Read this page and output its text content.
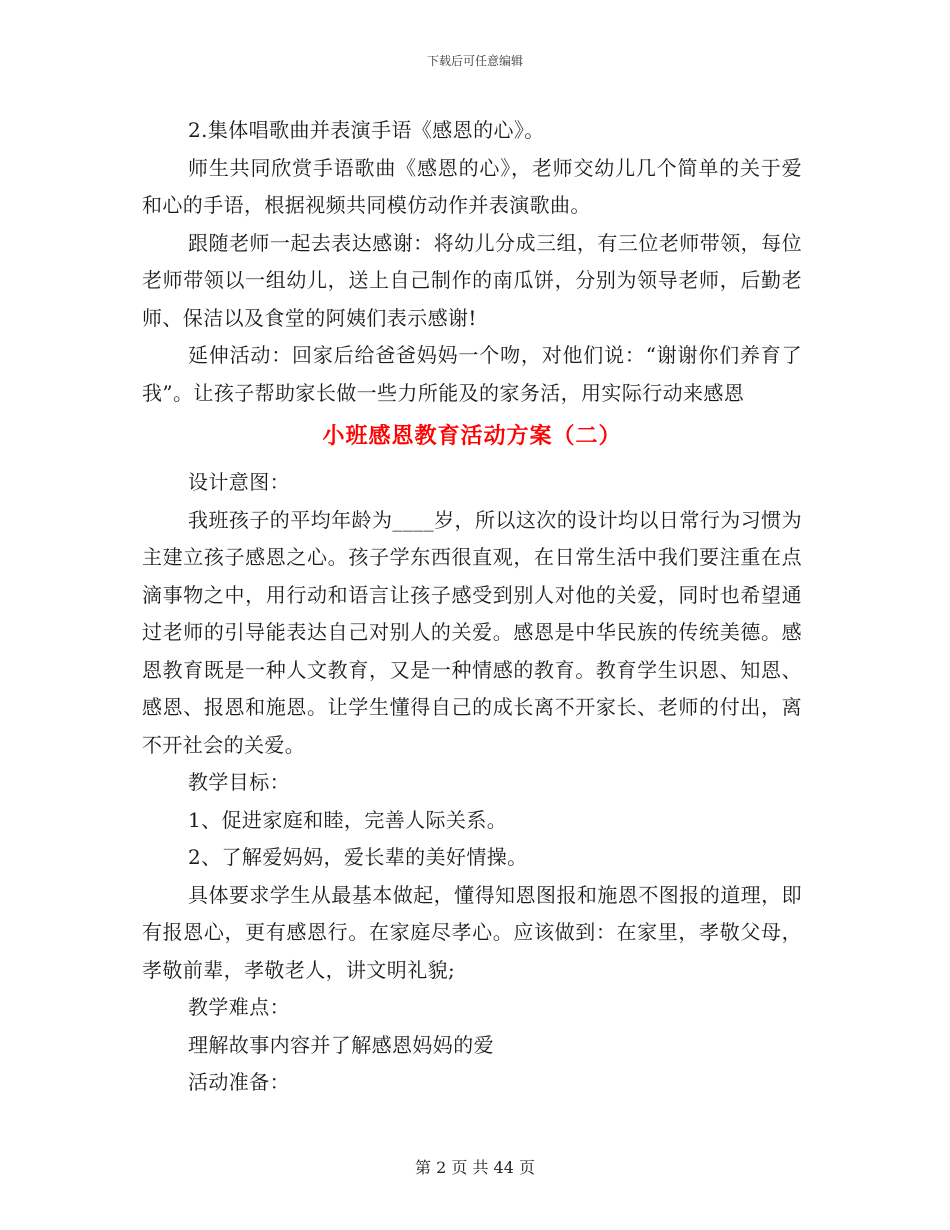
下载后可任意编辑

2.集体唱歌曲并表演手语《感恩的心》。

师生共同欣赏手语歌曲《感恩的心》，老师交幼儿几个简单的关于爱和心的手语，根据视频共同模仿动作并表演歌曲。

跟随老师一起去表达感谢：将幼儿分成三组，有三位老师带领，每位老师带领以一组幼儿，送上自己制作的南瓜饼，分别为领导老师，后勤老师、保洁以及食堂的阿姨们表示感谢!

延伸活动：回家后给爸爸妈妈一个吻，对他们说：“谢谢你们养育了我”。让孩子帮助家长做一些力所能及的家务活，用实际行动来感恩

小班感恩教育活动方案（二）

设计意图：

我班孩子的平均年龄为____岁，所以这次的设计均以日常行为习惯为主建立孩子感恩之心。孩子学东西很直观，在日常生活中我们要注重在点滴事物之中，用行动和语言让孩子感受到别人对他的关爱，同时也希望通过老师的引导能表达自己对别人的关爱。感恩是中华民族的传统美德。感恩教育既是一种人文教育，又是一种情感的教育。教育学生识恩、知恩、感恩、报恩和施恩。让学生懂得自己的成长离不开家长、老师的付出，离不开社会的关爱。

教学目标：

1、促进家庭和睦，完善人际关系。

2、了解爱妈妈，爱长辈的美好情操。

具体要求学生从最基本做起，懂得知恩图报和施恩不图报的道理，即有报恩心，更有感恩行。在家庭尽孝心。应该做到：在家里，孝敬父母，孝敬前辈，孝敬老人，讲文明礼貌;

教学难点：

理解故事内容并了解感恩妈妈的爱

活动准备：

第 2 页 共 44 页
